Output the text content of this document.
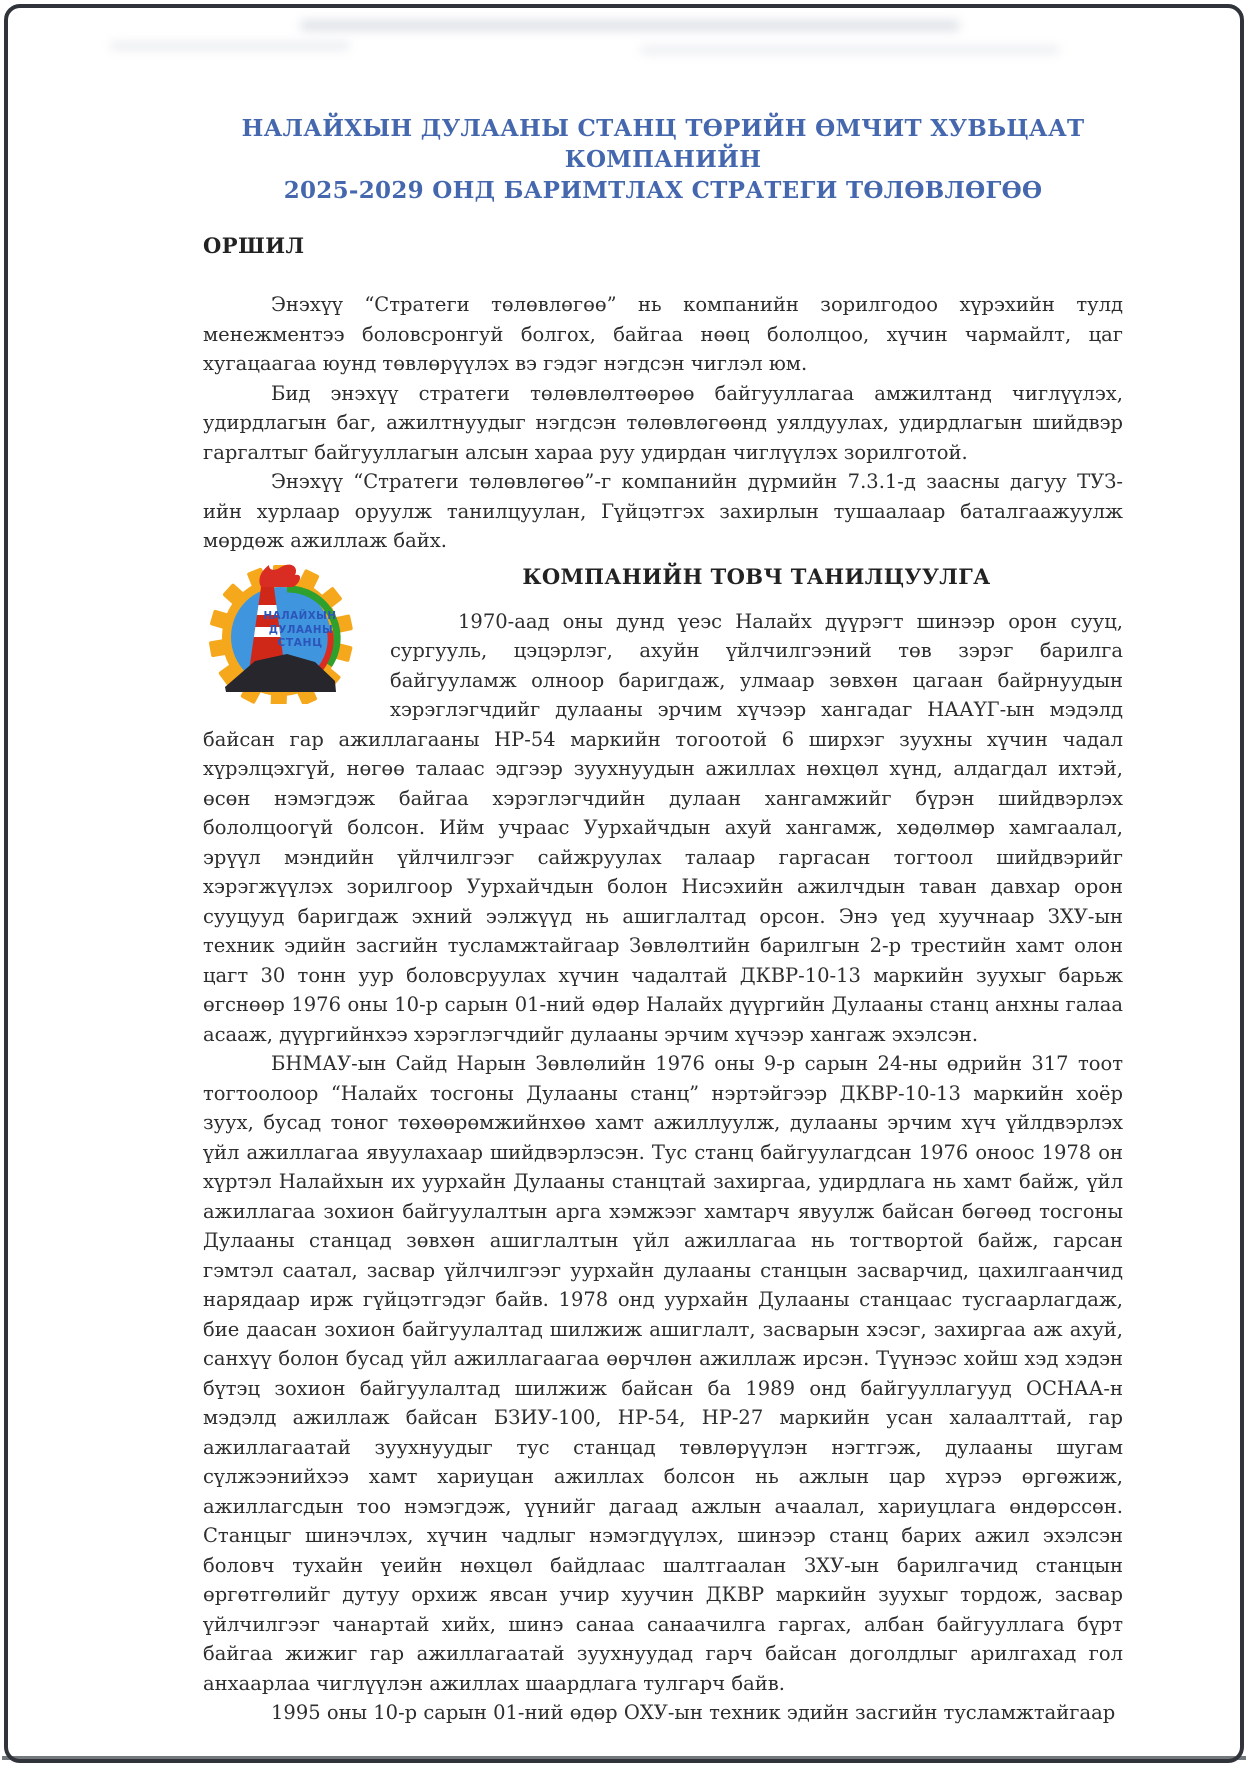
НАЛАЙХЫН ДУЛААНЫ СТАНЦ ТӨРИЙН ӨМЧИТ ХУВЬЦААТ КОМПАНИЙН
2025-2029 ОНД БАРИМТЛАХ СТРАТЕГИ ТӨЛӨВЛӨГӨӨ
ОРШИЛ

Энэхүү “Стратеги төлөвлөгөө” нь компанийн зорилгодоо хүрэхийн тулд менежментээ боловсронгуй болгох, байгаа нөөц бололцоо, хүчин чармайлт, цаг хугацаагаа юунд төвлөрүүлэх вэ гэдэг нэгдсэн чиглэл юм.

Бид энэхүү стратеги төлөвлөлтөөрөө байгууллагаа амжилтанд чиглүүлэх, удирдлагын баг, ажилтнуудыг нэгдсэн төлөвлөгөөнд уялдуулах, удирдлагын шийдвэр гаргалтыг байгууллагын алсын хараа руу удирдан чиглүүлэх зорилготой.

Энэхүү “Стратеги төлөвлөгөө”-г компанийн дүрмийн 7.3.1-д заасны дагуу ТУЗ-ийн хурлаар оруулж танилцуулан, Гүйцэтгэх захирлын тушаалаар баталгаажуулж мөрдөж ажиллаж байх.

НАЛАЙХЫН
ДУЛААНЫ
СТАНЦ
КОМПАНИЙН ТОВЧ ТАНИЛЦУУЛГА

1970-аад оны дунд үеэс Налайх дүүрэгт шинээр орон сууц, сургууль, цэцэрлэг, ахуйн үйлчилгээний төв зэрэг барилга байгууламж олноор баригдаж, улмаар зөвхөн цагаан байрнуудын хэрэглэгчдийг дулааны эрчим хүчээр хангадаг НААҮГ-ын мэдэлд байсан гар ажиллагааны НР-54 маркийн тогоотой 6 ширхэг зуухны хүчин чадал хүрэлцэхгүй, нөгөө талаас эдгээр зуухнуудын ажиллах нөхцөл хүнд, алдагдал ихтэй, өсөн нэмэгдэж байгаа хэрэглэгчдийн дулаан хангамжийг бүрэн шийдвэрлэх бололцоогүй болсон. Ийм учраас Уурхайчдын ахуй хангамж, хөдөлмөр хамгаалал, эрүүл мэндийн үйлчилгээг сайжруулах талаар гаргасан тогтоол шийдвэрийг хэрэгжүүлэх зорилгоор Уурхайчдын болон Нисэхийн ажилчдын таван давхар орон сууцууд баригдаж эхний ээлжүүд нь ашиглалтад орсон. Энэ үед хуучнаар ЗХУ-ын техник эдийн засгийн тусламжтайгаар Зөвлөлтийн барилгын 2-р трестийн хамт олон цагт 30 тонн уур боловсруулах хүчин чадалтай ДКВР-10-13 маркийн зуухыг барьж өгснөөр 1976 оны 10-р сарын 01-ний өдөр Налайх дүүргийн Дулааны станц анхны галаа асааж, дүүргийнхээ хэрэглэгчдийг дулааны эрчим хүчээр хангаж эхэлсэн.

БНМАУ-ын Сайд Нарын Зөвлөлийн 1976 оны 9-р сарын 24-ны өдрийн 317 тоот тогтоолоор “Налайх тосгоны Дулааны станц” нэртэйгээр ДКВР-10-13 маркийн хоёр зуух, бусад тоног төхөөрөмжийнхөө хамт ажиллуулж, дулааны эрчим хүч үйлдвэрлэх үйл ажиллагаа явуулахаар шийдвэрлэсэн. Тус станц байгуулагдсан 1976 оноос 1978 он хүртэл Налайхын их уурхайн Дулааны станцтай захиргаа, удирдлага нь хамт байж, үйл ажиллагаа зохион байгуулалтын арга хэмжээг хамтарч явуулж байсан бөгөөд тосгоны Дулааны станцад зөвхөн ашиглалтын үйл ажиллагаа нь тогтвортой байж, гарсан гэмтэл саатал, засвар үйлчилгээг уурхайн дулааны станцын засварчид, цахилгаанчид нарядаар ирж гүйцэтгэдэг байв. 1978 онд уурхайн Дулааны станцаас тусгаарлагдаж, бие даасан зохион байгуулалтад шилжиж ашиглалт, засварын хэсэг, захиргаа аж ахуй, санхүү болон бусад үйл ажиллагаагаа өөрчлөн ажиллаж ирсэн. Түүнээс хойш хэд хэдэн бүтэц зохион байгуулалтад шилжиж байсан ба 1989 онд байгууллагууд ОСНАА-н мэдэлд ажиллаж байсан БЗИУ-100, НР-54, НР-27 маркийн усан халаалттай, гар ажиллагаатай зуухнуудыг тус станцад төвлөрүүлэн нэгтгэж, дулааны шугам сүлжээнийхээ хамт хариуцан ажиллах болсон нь ажлын цар хүрээ өргөжиж, ажиллагсдын тоо нэмэгдэж, үүнийг дагаад ажлын ачаалал, хариуцлага өндөрссөн. Станцыг шинэчлэх, хүчин чадлыг нэмэгдүүлэх, шинээр станц барих ажил эхэлсэн боловч тухайн үеийн нөхцөл байдлаас шалтгаалан ЗХУ-ын барилгачид станцын өргөтгөлийг дутуу орхиж явсан учир хуучин ДКВР маркийн зуухыг тордож, засвар үйлчилгээг чанартай хийх, шинэ санаа санаачилга гаргах, албан байгууллага бүрт байгаа жижиг гар ажиллагаатай зуухнуудад гарч байсан доголдлыг арилгахад гол анхаарлаа чиглүүлэн ажиллах шаардлага тулгарч байв.

1995 оны 10-р сарын 01-ний өдөр ОХУ-ын техник эдийн засгийн тусламжтайгаар
